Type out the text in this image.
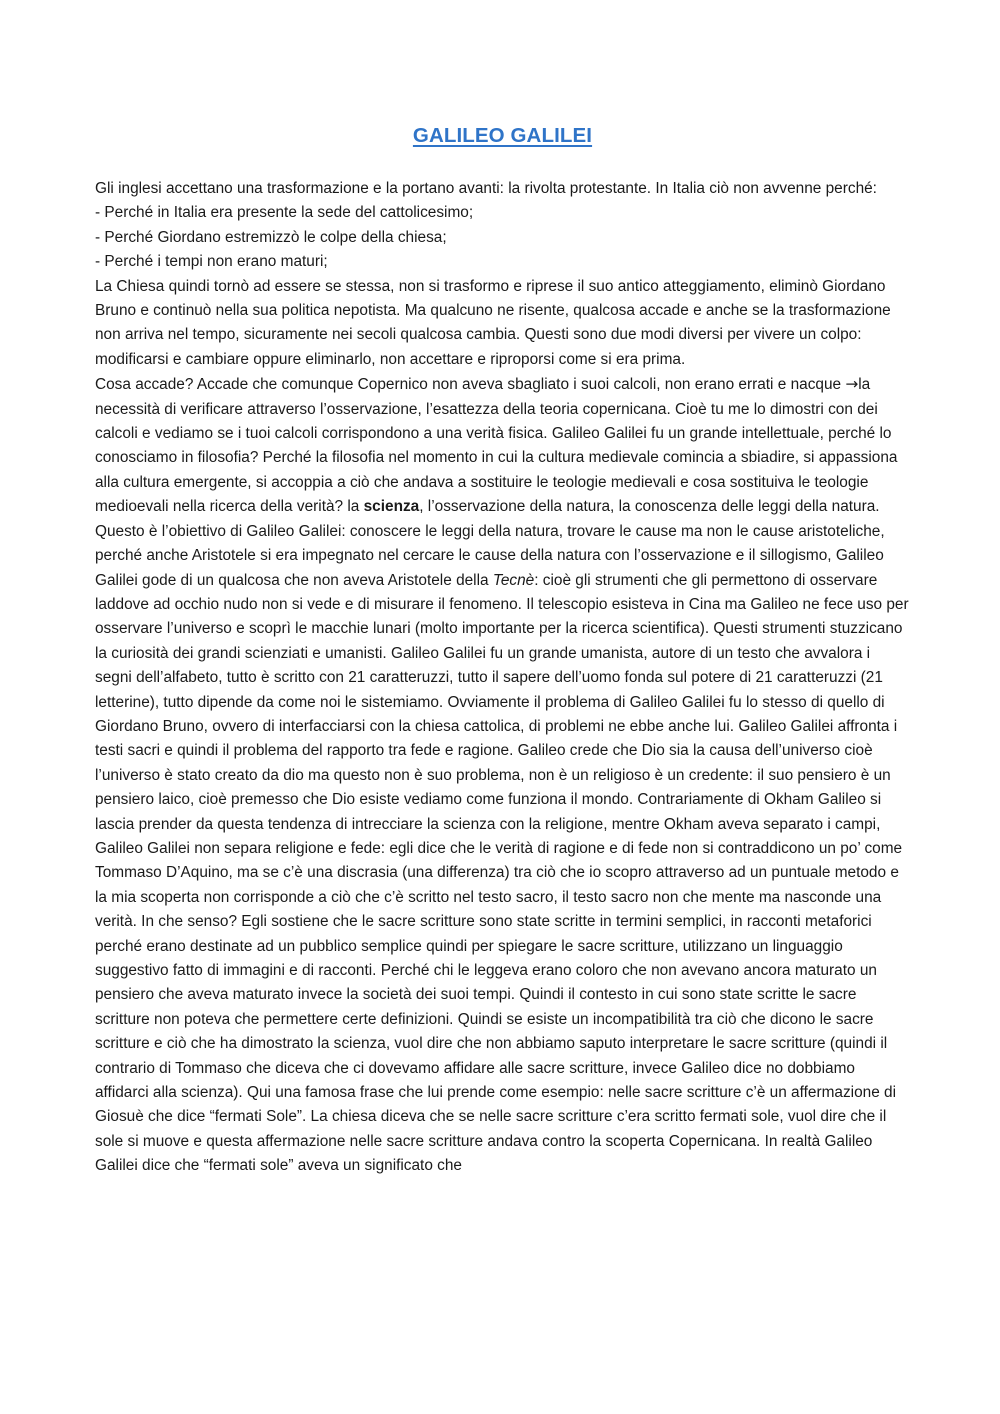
GALILEO GALILEI

Gli inglesi accettano una trasformazione e la portano avanti: la rivolta protestante. In Italia ciò non avvenne perché:

- Perché in Italia era presente la sede del cattolicesimo;

- Perché Giordano estremizzò le colpe della chiesa;

- Perché i tempi non erano maturi;

La Chiesa quindi tornò ad essere se stessa, non si trasformo e riprese il suo antico atteggiamento, eliminò Giordano Bruno e continuò nella sua politica nepotista. Ma qualcuno ne risente, qualcosa accade e anche se la trasformazione non arriva nel tempo, sicuramente nei secoli qualcosa cambia. Questi sono due modi diversi per vivere un colpo: modificarsi e cambiare oppure eliminarlo, non accettare e riproporsi come si era prima.

Cosa accade? Accade che comunque Copernico non aveva sbagliato i suoi calcoli, non erano errati e nacque →la necessità di verificare attraverso l’osservazione, l’esattezza della teoria copernicana. Cioè tu me lo dimostri con dei calcoli e vediamo se i tuoi calcoli corrispondono a una verità fisica. Galileo Galilei fu un grande intellettuale, perché lo conosciamo in filosofia? Perché la filosofia nel momento in cui la cultura medievale comincia a sbiadire, si appassiona alla cultura emergente, si accoppia a ciò che andava a sostituire le teologie medievali e cosa sostituiva le teologie medioevali nella ricerca della verità? la scienza, l’osservazione della natura, la conoscenza delle leggi della natura. Questo è l’obiettivo di Galileo Galilei: conoscere le leggi della natura, trovare le cause ma non le cause aristoteliche, perché anche Aristotele si era impegnato nel cercare le cause della natura con l’osservazione e il sillogismo, Galileo Galilei gode di un qualcosa che non aveva Aristotele della Tecnè: cioè gli strumenti che gli permettono di osservare laddove ad occhio nudo non si vede e di misurare il fenomeno. Il telescopio esisteva in Cina ma Galileo ne fece uso per osservare l’universo e scoprì le macchie lunari (molto importante per la ricerca scientifica). Questi strumenti stuzzicano la curiosità dei grandi scienziati e umanisti. Galileo Galilei fu un grande umanista, autore di un testo che avvalora i segni dell’alfabeto, tutto è scritto con 21 caratteruzzi, tutto il sapere dell’uomo fonda sul potere di 21 caratteruzzi (21 letterine), tutto dipende da come noi le sistemiamo. Ovviamente il problema di Galileo Galilei fu lo stesso di quello di Giordano Bruno, ovvero di interfacciarsi con la chiesa cattolica, di problemi ne ebbe anche lui. Galileo Galilei affronta i testi sacri e quindi il problema del rapporto tra fede e ragione. Galileo crede che Dio sia la causa dell’universo cioè l’universo è stato creato da dio ma questo non è suo problema, non è un religioso è un credente: il suo pensiero è un pensiero laico, cioè premesso che Dio esiste vediamo come funziona il mondo. Contrariamente di Okham Galileo si lascia prender da questa tendenza di intrecciare la scienza con la religione, mentre Okham aveva separato i campi, Galileo Galilei non separa religione e fede: egli dice che le verità di ragione e di fede non si contraddicono un po’ come Tommaso D’Aquino, ma se c’è una discrasia (una differenza) tra ciò che io scopro attraverso ad un puntuale metodo e la mia scoperta non corrisponde a ciò che c’è scritto nel testo sacro, il testo sacro non che mente ma nasconde una verità. In che senso? Egli sostiene che le sacre scritture sono state scritte in termini semplici, in racconti metaforici perché erano destinate ad un pubblico semplice quindi per spiegare le sacre scritture, utilizzano un linguaggio suggestivo fatto di immagini e di racconti. Perché chi le leggeva erano coloro che non avevano ancora maturato un pensiero che aveva maturato invece la società dei suoi tempi. Quindi il contesto in cui sono state scritte le sacre scritture non poteva che permettere certe definizioni. Quindi se esiste un incompatibilità tra ciò che dicono le sacre scritture e ciò che ha dimostrato la scienza, vuol dire che non abbiamo saputo interpretare le sacre scritture (quindi il contrario di Tommaso che diceva che ci dovevamo affidare alle sacre scritture, invece Galileo dice no dobbiamo affidarci alla scienza). Qui una famosa frase che lui prende come esempio: nelle sacre scritture c’è un affermazione di Giosuè che dice “fermati Sole”. La chiesa diceva che se nelle sacre scritture c’era scritto fermati sole, vuol dire che il sole si muove e questa affermazione nelle sacre scritture andava contro la scoperta Copernicana. In realtà Galileo Galilei dice che “fermati sole” aveva un significato che
